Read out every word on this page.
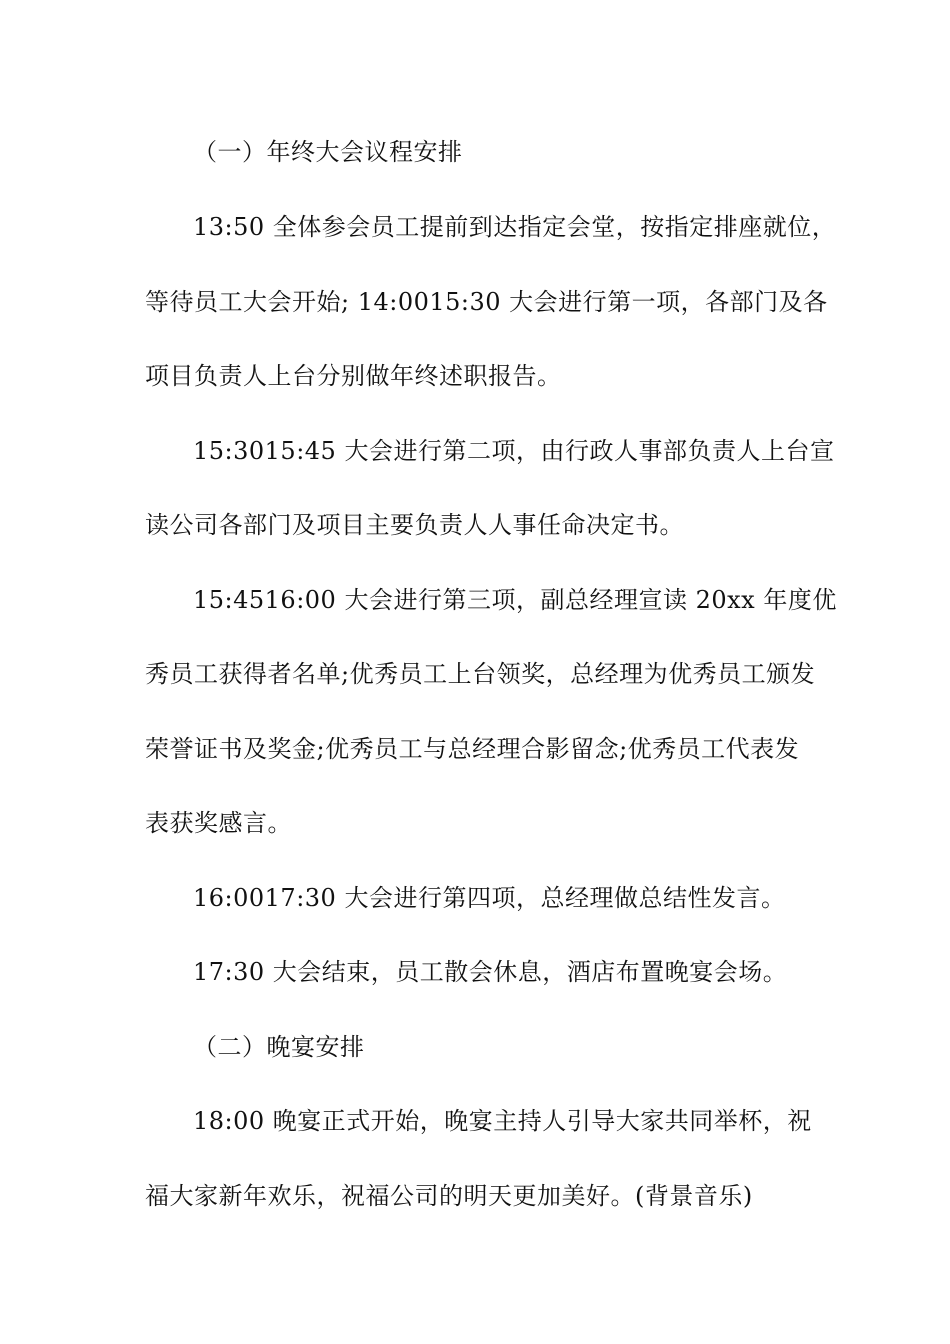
（一）年终大会议程安排
13:50 全体参会员工提前到达指定会堂，按指定排座就位，
等待员工大会开始; 14:0015:30 大会进行第一项，各部门及各
项目负责人上台分别做年终述职报告。
15:3015:45 大会进行第二项，由行政人事部负责人上台宣
读公司各部门及项目主要负责人人事任命决定书。
15:4516:00 大会进行第三项，副总经理宣读 20xx 年度优
秀员工获得者名单;优秀员工上台领奖，总经理为优秀员工颁发
荣誉证书及奖金;优秀员工与总经理合影留念;优秀员工代表发
表获奖感言。
16:0017:30 大会进行第四项，总经理做总结性发言。
17:30 大会结束，员工散会休息，酒店布置晚宴会场。
（二）晚宴安排
18:00 晚宴正式开始，晚宴主持人引导大家共同举杯，祝
福大家新年欢乐，祝福公司的明天更加美好。(背景音乐)
